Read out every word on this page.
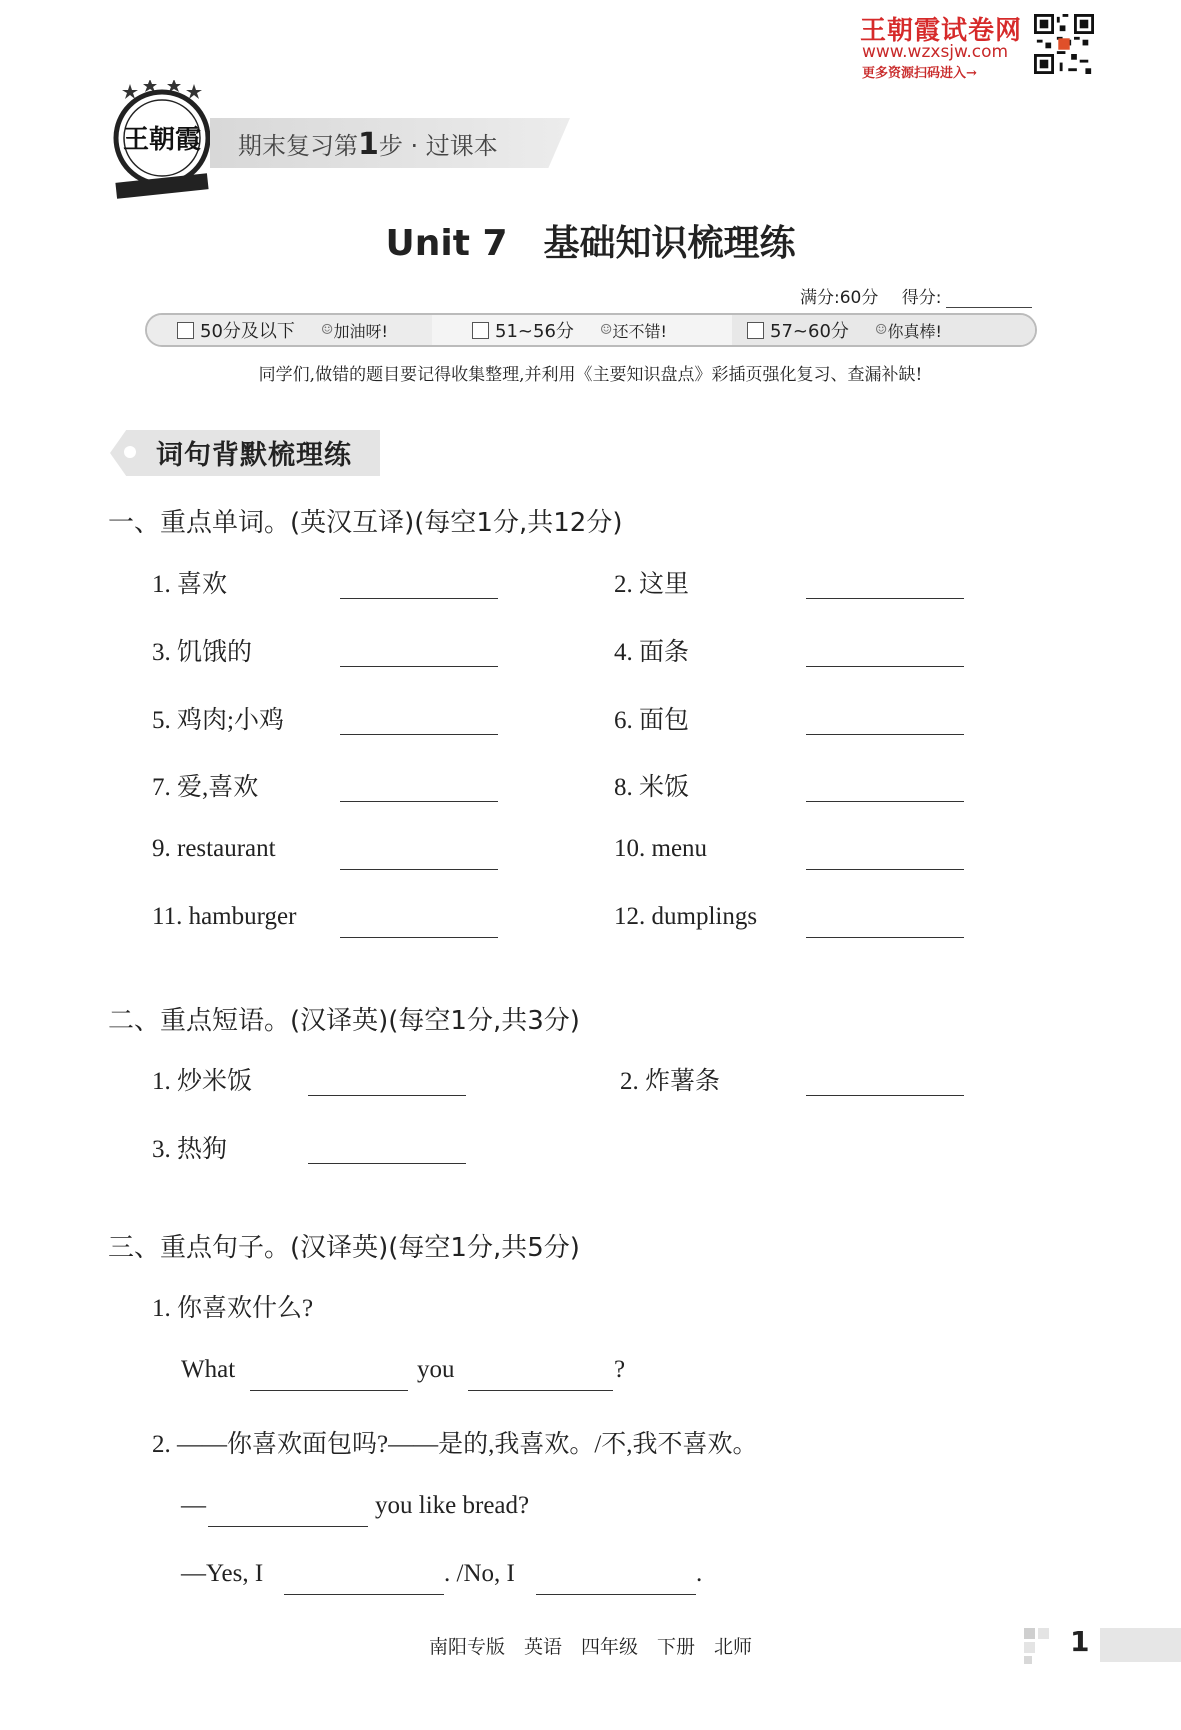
王朝霞试卷网
www.wzxsjw.com
更多资源扫码进入→
王朝霞 期末复习第1步 · 过课本
Unit 7　基础知识梳理练
满分:60分 得分:
50分及以下 ☺ 加油呀!	51~56分 ☺ 还不错!	57~60分 ☺ 你真棒!
同学们,做错的题目要记得收集整理,并利用《主要知识盘点》彩插页强化复习、查漏补缺!
词句背默梳理练
一、重点单词。(英汉互译)(每空1分,共12分)
1. 喜欢	2. 这里
3. 饥饿的	4. 面条
5. 鸡肉;小鸡	6. 面包
7. 爱,喜欢	8. 米饭
9. restaurant	10. menu
11. hamburger	12. dumplings
二、重点短语。(汉译英)(每空1分,共3分)
1. 炒米饭	2. 炸薯条
3. 热狗
三、重点句子。(汉译英)(每空1分,共5分)
1. 你喜欢什么?
What	you	?
2. ——你喜欢面包吗?——是的,我喜欢。/不,我不喜欢。
—	you like bread?
—Yes, I	. /No, I	.
南阳专版　英语　四年级　下册　北师	1
